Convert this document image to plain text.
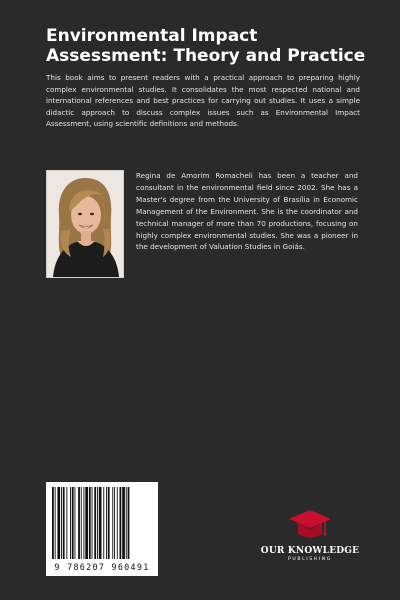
Environmental Impact Assessment: Theory and Practice

This book aims to present readers with a practical approach to preparing highly complex environmental studies. It consolidates the most respected national and international references and best practices for carrying out studies. It uses a simple didactic approach to discuss complex issues such as Environmental Impact Assessment, using scientific definitions and methods.

Regina de Amorim Romacheli has been a teacher and consultant in the environmental field since 2002. She has a Master's degree from the University of Brasília in Economic Management of the Environment. She is the coordinator and technical manager of more than 70 productions, focusing on highly complex environmental studies. She was a pioneer in the development of Valuation Studies in Goiás.

9 786207 960491
OUR KNOWLEDGE
PUBLISHING
